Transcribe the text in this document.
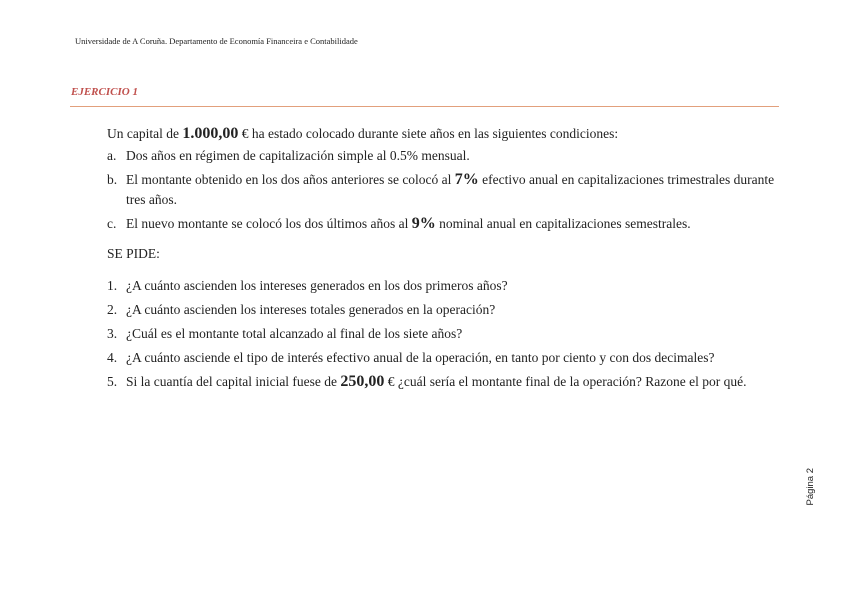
Universidade de A Coruña. Departamento de Economía Financeira e Contabilidade
EJERCICIO 1

Un capital de 1.000,00 € ha estado colocado durante siete años en las siguientes condiciones:

a. Dos años en régimen de capitalización simple al 0.5% mensual.
b. El montante obtenido en los dos años anteriores se colocó al 7% efectivo anual en capitalizaciones trimestrales durante tres años.
c. El nuevo montante se colocó los dos últimos años al 9% nominal anual en capitalizaciones semestrales.

SE PIDE:

1. ¿A cuánto ascienden los intereses generados en los dos primeros años?
2. ¿A cuánto ascienden los intereses totales generados en la operación?
3. ¿Cuál es el montante total alcanzado al final de los siete años?
4. ¿A cuánto asciende el tipo de interés efectivo anual de la operación, en tanto por ciento y con dos decimales?
5. Si la cuantía del capital inicial fuese de 250,00 € ¿cuál sería el montante final de la operación? Razone el por qué.
Página 2
